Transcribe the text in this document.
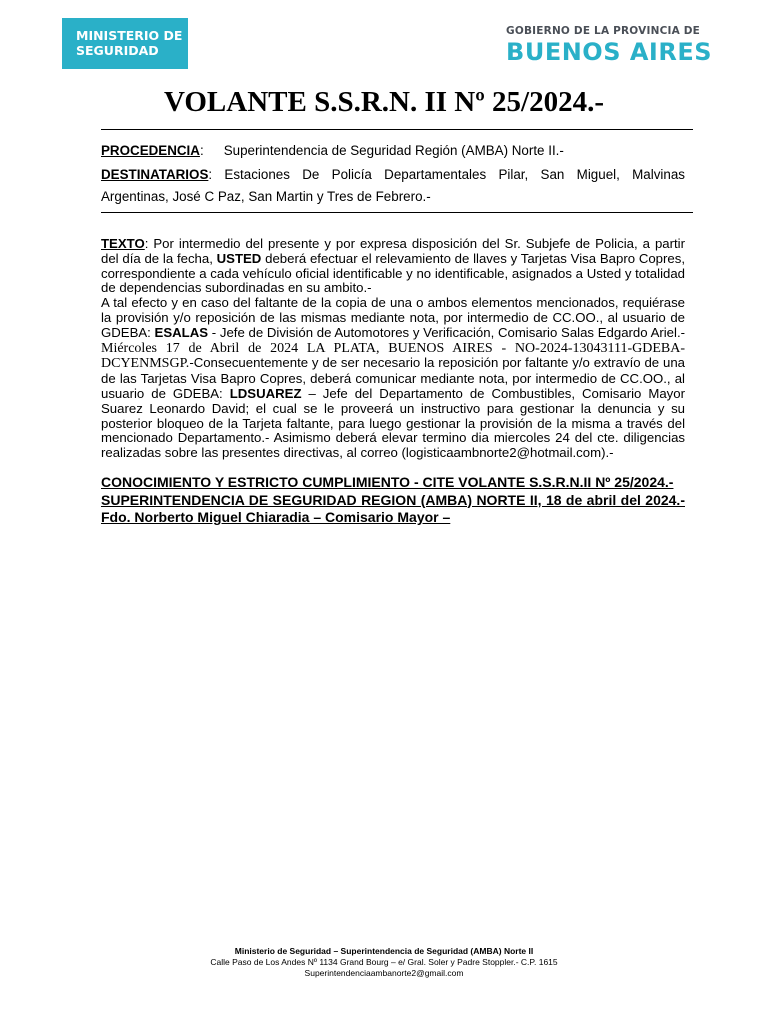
MINISTERIO DE
SEGURIDAD
GOBIERNO DE LA PROVINCIA DE
BUENOS AIRES
VOLANTE S.S.R.N. II Nº 25/2024.-
PROCEDENCIA: Superintendencia de Seguridad Región (AMBA) Norte II.-
DESTINATARIOS: Estaciones De Policía Departamentales Pilar, San Miguel, Malvinas Argentinas, José C Paz, San Martin y Tres de Febrero.-

TEXTO: Por intermedio del presente y por expresa disposición del Sr. Subjefe de Policia, a partir del día de la fecha, USTED deberá efectuar el relevamiento de llaves y Tarjetas Visa Bapro Copres, correspondiente a cada vehículo oficial identificable y no identificable, asignados a Usted y totalidad de dependencias subordinadas en su ambito.-

A tal efecto y en caso del faltante de la copia de una o ambos elementos mencionados, requiérase la provisión y/o reposición de las mismas mediante nota, por intermedio de CC.OO., al usuario de GDEBA: ESALAS - Jefe de División de Automotores y Verificación, Comisario Salas Edgardo Ariel.- Miércoles 17 de Abril de 2024 LA PLATA, BUENOS AIRES - NO-2024-13043111-GDEBA-DCYENMSGP.-Consecuentemente y de ser necesario la reposición por faltante y/o extravío de una de las Tarjetas Visa Bapro Copres, deberá comunicar mediante nota, por intermedio de CC.OO., al usuario de GDEBA: LDSUAREZ – Jefe del Departamento de Combustibles, Comisario Mayor Suarez Leonardo David; el cual se le proveerá un instructivo para gestionar la denuncia y su posterior bloqueo de la Tarjeta faltante, para luego gestionar la provisión de la misma a través del mencionado Departamento.- Asimismo deberá elevar termino dia miercoles 24 del cte. diligencias realizadas sobre las presentes directivas, al correo (logisticaambnorte2@hotmail.com).-

CONOCIMIENTO Y ESTRICTO CUMPLIMIENTO - CITE VOLANTE S.S.R.N.II Nº 25/2024.-

SUPERINTENDENCIA DE SEGURIDAD REGION (AMBA) NORTE II, 18 de abril del 2024.- Fdo. Norberto Miguel Chiaradia – Comisario Mayor –

Ministerio de Seguridad – Superintendencia de Seguridad (AMBA) Norte II
Calle Paso de Los Andes Nº 1134 Grand Bourg – e/ Gral. Soler y Padre Stoppler.- C.P. 1615
Superintendenciaambanorte2@gmail.com
